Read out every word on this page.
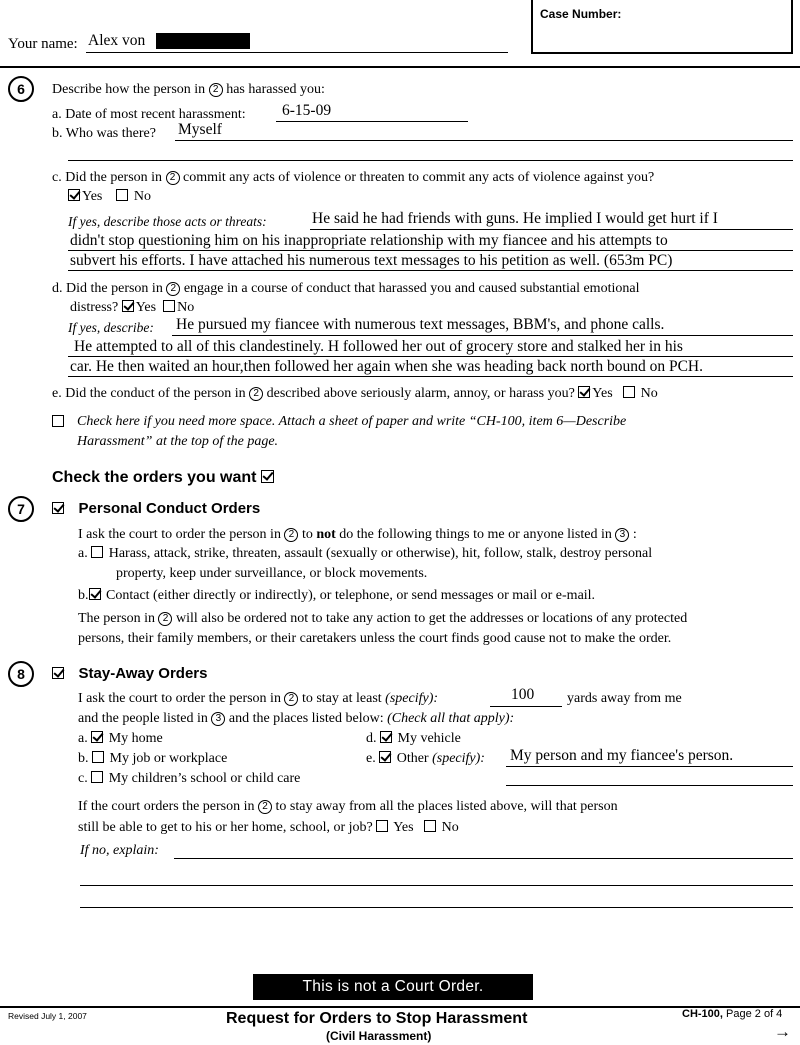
Your name: Alex von
Case Number:
6	Describe how the person in 2 has harassed you:
a. Date of most recent harassment: 6-15-09
b. Who was there? Myself
c. Did the person in 2 commit any acts of violence or threaten to commit any acts of violence against you?
Yes No
If yes, describe those acts or threats:	He said he had friends with guns. He implied I would get hurt if I
didn't stop questioning him on his inappropriate relationship with my fiancee and his attempts to
subvert his efforts. I have attached his numerous text messages to his petition as well. (653m PC)
d. Did the person in 2 engage in a course of conduct that harassed you and caused substantial emotional
distress? Yes No
If yes, describe: He pursued my fiancee with numerous text messages, BBM's, and phone calls.
He attempted to all of this clandestinely. H followed her out of grocery store and stalked her in his
car. He then waited an hour,then followed her again when she was heading back north bound on PCH.
e. Did the conduct of the person in 2 described above seriously alarm, annoy, or harass you? Yes No
Check here if you need more space. Attach a sheet of paper and write “CH-100, item 6—Describe
Harassment” at the top of the page.
Check the orders you want
7	Personal Conduct Orders
I ask the court to order the person in 2 to not do the following things to me or anyone listed in 3 :
a. Harass, attack, strike, threaten, assault (sexually or otherwise), hit, follow, stalk, destroy personal
property, keep under surveillance, or block movements.
b. Contact (either directly or indirectly), or telephone, or send messages or mail or e-mail.
The person in 2 will also be ordered not to take any action to get the addresses or locations of any protected
persons, their family members, or their caretakers unless the court finds good cause not to make the order.
8	Stay-Away Orders
I ask the court to order the person in 2 to stay at least (specify):	100 yards away from me
and the people listed in 3 and the places listed below: (Check all that apply):
a. My home
b. My job or workplace
c. My children’s school or child care
d. My vehicle
e. Other (specify): My person and my fiancee's person.
If the court orders the person in 2 to stay away from all the places listed above, will that person
still be able to get to his or her home, school, or job? Yes No
If no, explain:
This is not a Court Order.
Revised July 1, 2007	Request for Orders to Stop Harassment
(Civil Harassment)
CH-100, Page 2 of 4
→
